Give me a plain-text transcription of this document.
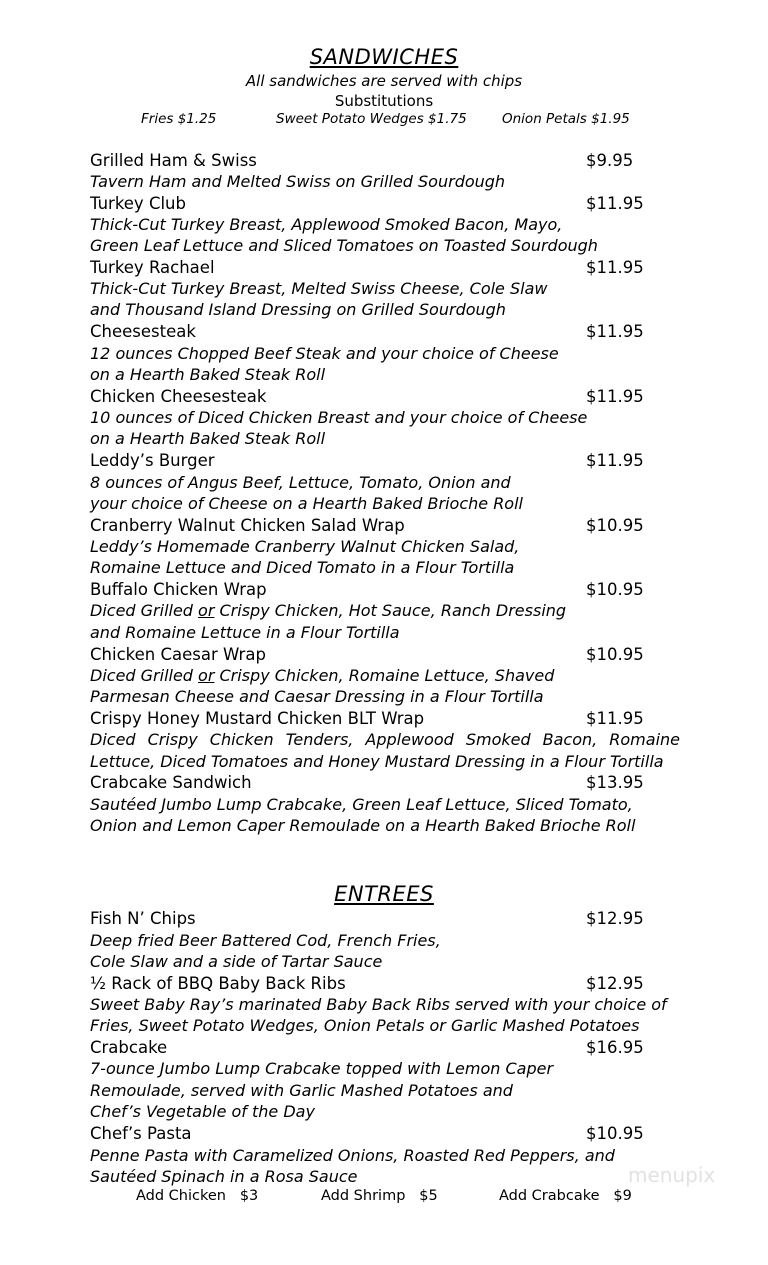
SANDWICHES
All sandwiches are served with chips
Substitutions
Fries $1.25	Sweet Potato Wedges $1.75	Onion Petals $1.95
Grilled Ham & Swiss	$9.95
Tavern Ham and Melted Swiss on Grilled Sourdough
Turkey Club	$11.95
Thick-Cut Turkey Breast, Applewood Smoked Bacon, Mayo,
Green Leaf Lettuce and Sliced Tomatoes on Toasted Sourdough
Turkey Rachael	$11.95
Thick-Cut Turkey Breast, Melted Swiss Cheese, Cole Slaw
and Thousand Island Dressing on Grilled Sourdough
Cheesesteak	$11.95
12 ounces Chopped Beef Steak and your choice of Cheese
on a Hearth Baked Steak Roll
Chicken Cheesesteak	$11.95
10 ounces of Diced Chicken Breast and your choice of Cheese
on a Hearth Baked Steak Roll
Leddy’s Burger	$11.95
8 ounces of Angus Beef, Lettuce, Tomato, Onion and
your choice of Cheese on a Hearth Baked Brioche Roll
Cranberry Walnut Chicken Salad Wrap	$10.95
Leddy’s Homemade Cranberry Walnut Chicken Salad,
Romaine Lettuce and Diced Tomato in a Flour Tortilla
Buffalo Chicken Wrap	$10.95
Diced Grilled or Crispy Chicken, Hot Sauce, Ranch Dressing
and Romaine Lettuce in a Flour Tortilla
Chicken Caesar Wrap	$10.95
Diced Grilled or Crispy Chicken, Romaine Lettuce, Shaved
Parmesan Cheese and Caesar Dressing in a Flour Tortilla
Crispy Honey Mustard Chicken BLT Wrap	$11.95
Diced Crispy Chicken Tenders, Applewood Smoked Bacon, Romaine
Lettuce, Diced Tomatoes and Honey Mustard Dressing in a Flour Tortilla
Crabcake Sandwich	$13.95
Sautéed Jumbo Lump Crabcake, Green Leaf Lettuce, Sliced Tomato,
Onion and Lemon Caper Remoulade on a Hearth Baked Brioche Roll
ENTREES
Fish N’ Chips	$12.95
Deep fried Beer Battered Cod, French Fries,
Cole Slaw and a side of Tartar Sauce
½ Rack of BBQ Baby Back Ribs	$12.95
Sweet Baby Ray’s marinated Baby Back Ribs served with your choice of
Fries, Sweet Potato Wedges, Onion Petals or Garlic Mashed Potatoes
Crabcake	$16.95
7-ounce Jumbo Lump Crabcake topped with Lemon Caper
Remoulade, served with Garlic Mashed Potatoes and
Chef’s Vegetable of the Day
Chef’s Pasta	$10.95
Penne Pasta with Caramelized Onions, Roasted Red Peppers, and
Sautéed Spinach in a Rosa Sauce
Add Chicken $3	Add Shrimp $5	Add Crabcake $9
menupix
